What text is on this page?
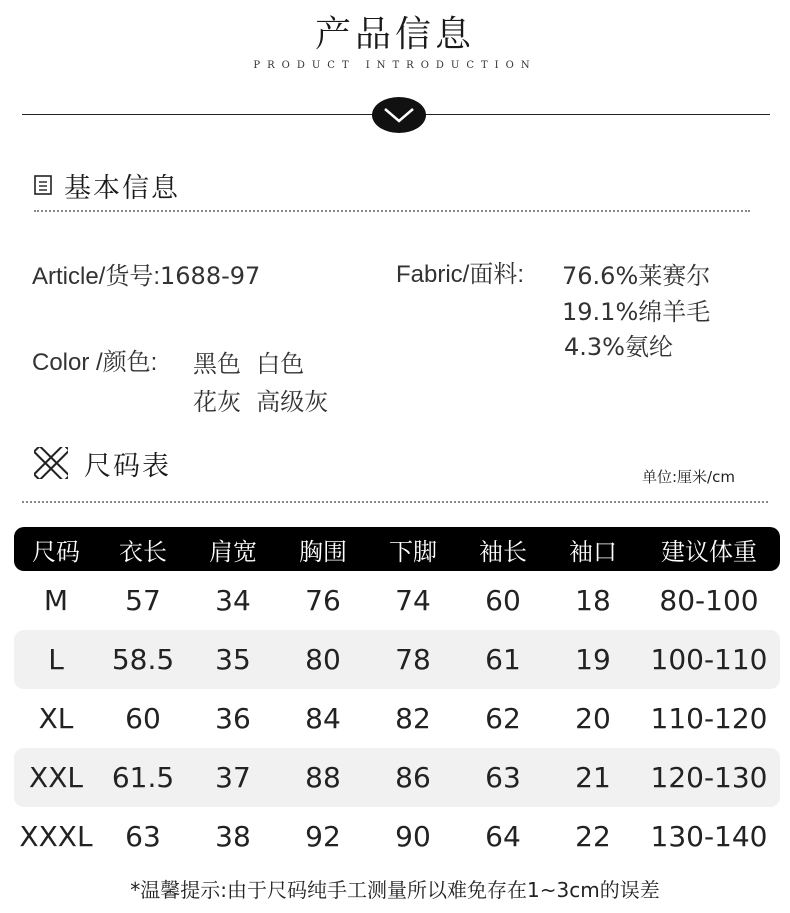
产品信息
PRODUCT INTRODUCTION
基本信息
Article/货号:1688-97	Fabric/面料: 76.6%莱赛尔
19.1%绵羊毛
4.3%氨纶
Color /颜色: 黑色  白色
花灰  高级灰
尺码表	单位:厘米/cm
尺码	衣长	肩宽	胸围	下脚	袖长	袖口	建议体重
M	57	34	76	74	60	18	80-100
L	58.5	35	80	78	61	19	100-110
XL	60	36	84	82	62	20	110-120
XXL	61.5	37	88	86	63	21	120-130
XXXL	63	38	92	90	64	22	130-140
*温馨提示:由于尺码纯手工测量所以难免存在1~3cm的误差
